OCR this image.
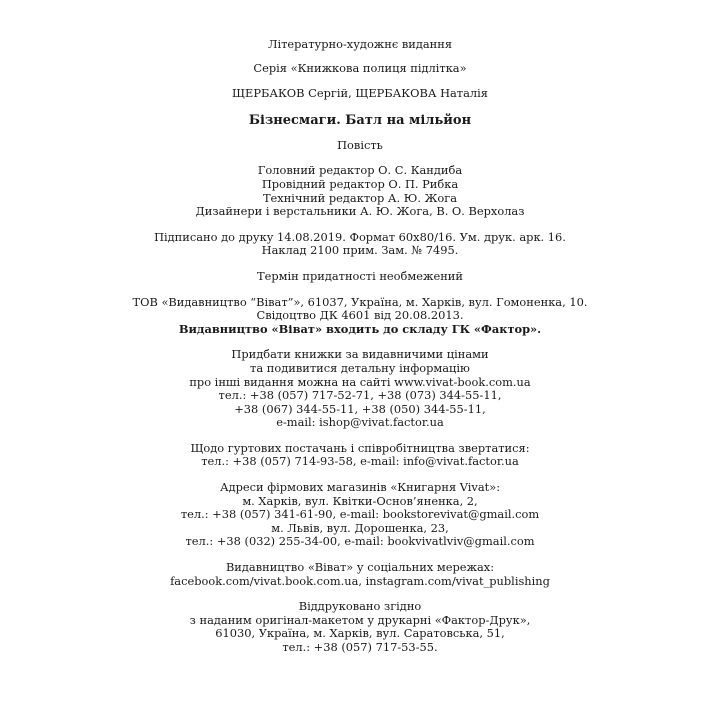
Літературно-художнє видання
Серія «Книжкова полиця підлітка»
ЩЕРБАКОВ Сергій, ЩЕРБАКОВА Наталія
Бізнесмаги. Батл на мільйон
Повість
Головний редактор О. С. Кандиба
Провідний редактор О. П. Рибка
Технічний редактор А. Ю. Жога
Дизайнери і верстальники А. Ю. Жога, В. О. Верхолаз
Підписано до друку 14.08.2019. Формат 60x80/16. Ум. друк. арк. 16.
Наклад 2100 прим. Зам. № 7495.
Термін придатності необмежений
ТОВ «Видавництво “Віват”», 61037, Україна, м. Харків, вул. Гомоненка, 10.
Свідоцтво ДК 4601 від 20.08.2013.
Видавництво «Віват» входить до складу ГК «Фактор».
Придбати книжки за видавничими цінами
та подивитися детальну інформацію
про інші видання можна на сайті www.vivat-book.com.ua
тел.: +38 (057) 717-52-71, +38 (073) 344-55-11,
+38 (067) 344-55-11, +38 (050) 344-55-11,
e-mail: ishop@vivat.factor.ua
Щодо гуртових постачань і співробітництва звертатися:
тел.: +38 (057) 714-93-58, e-mail: info@vivat.factor.ua
Адреси фірмових магазинів «Книгарня Vivat»:
м. Харків, вул. Квітки-Основ’яненка, 2,
тел.: +38 (057) 341-61-90, e-mail: bookstorevivat@gmail.com
м. Львів, вул. Дорошенка, 23,
тел.: +38 (032) 255-34-00, e-mail: bookvivatlviv@gmail.com
Видавництво «Віват» у соціальних мережах:
facebook.com/vivat.book.com.ua, instagram.com/vivat_publishing
Віддруковано згідно
з наданим оригінал-макетом у друкарні «Фактор-Друк»,
61030, Україна, м. Харків, вул. Саратовська, 51,
тел.: +38 (057) 717-53-55.
